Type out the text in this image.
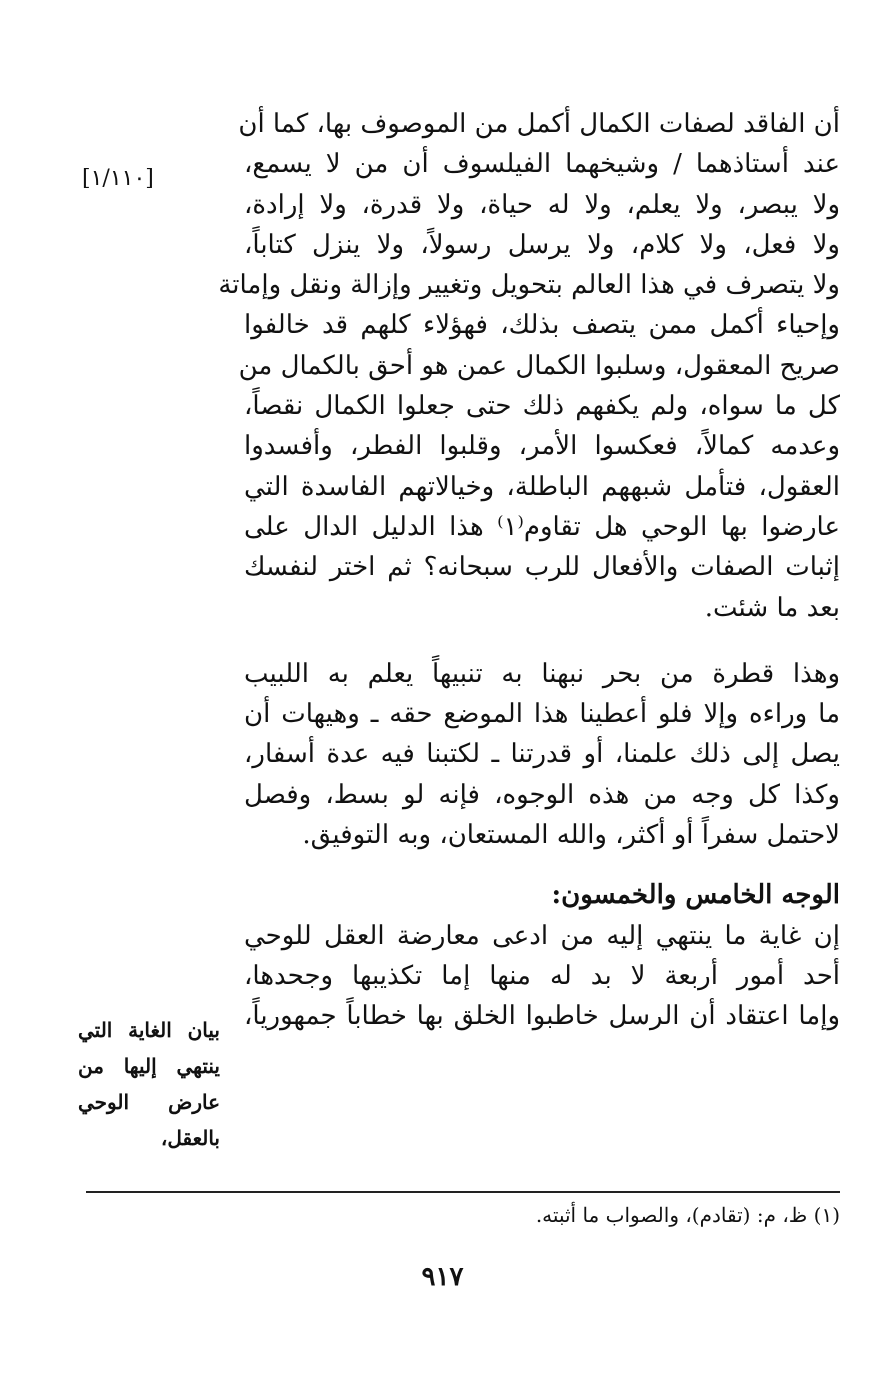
أن الفاقد لصفات الكمال أكمل من الموصوف بها، كما أن
عند أستاذهما / وشيخهما الفيلسوف أن من لا يسمع،
ولا يبصر، ولا يعلم، ولا له حياة، ولا قدرة، ولا إرادة،
ولا فعل، ولا كلام، ولا يرسل رسولاً، ولا ينزل كتاباً،
ولا يتصرف في هذا العالم بتحويل وتغيير وإزالة ونقل وإماتة
وإحياء أكمل ممن يتصف بذلك، فهؤلاء كلهم قد خالفوا
صريح المعقول، وسلبوا الكمال عمن هو أحق بالكمال من
كل ما سواه، ولم يكفهم ذلك حتى جعلوا الكمال نقصاً،
وعدمه كمالاً، فعكسوا الأمر، وقلبوا الفطر، وأفسدوا
العقول، فتأمل شبههم الباطلة، وخيالاتهم الفاسدة التي
عارضوا بها الوحي هل تقاوم⁽١⁾ هذا الدليل الدال على
إثبات الصفات والأفعال للرب سبحانه؟ ثم اختر لنفسك
بعد ما شئت.
وهذا قطرة من بحر نبهنا به تنبيهاً يعلم به اللبيب
ما وراءه وإلا فلو أعطينا هذا الموضع حقه ـ وهيهات أن
يصل إلى ذلك علمنا، أو قدرتنا ـ لكتبنا فيه عدة أسفار،
وكذا كل وجه من هذه الوجوه، فإنه لو بسط، وفصل
لاحتمل سفراً أو أكثر، والله المستعان، وبه التوفيق.
الوجه الخامس والخمسون:
إن غاية ما ينتهي إليه من ادعى معارضة العقل للوحي
أحد أمور أربعة لا بد له منها إما تكذيبها وجحدها،
وإما اعتقاد أن الرسل خاطبوا الخلق بها خطاباً جمهورياً،
[١/١١٠]
بيان الغاية التي
ينتهي إليها من
عارض الوحي
بالعقل،
(١) ظ، م: (تقادم)، والصواب ما أثبته.
٩١٧
